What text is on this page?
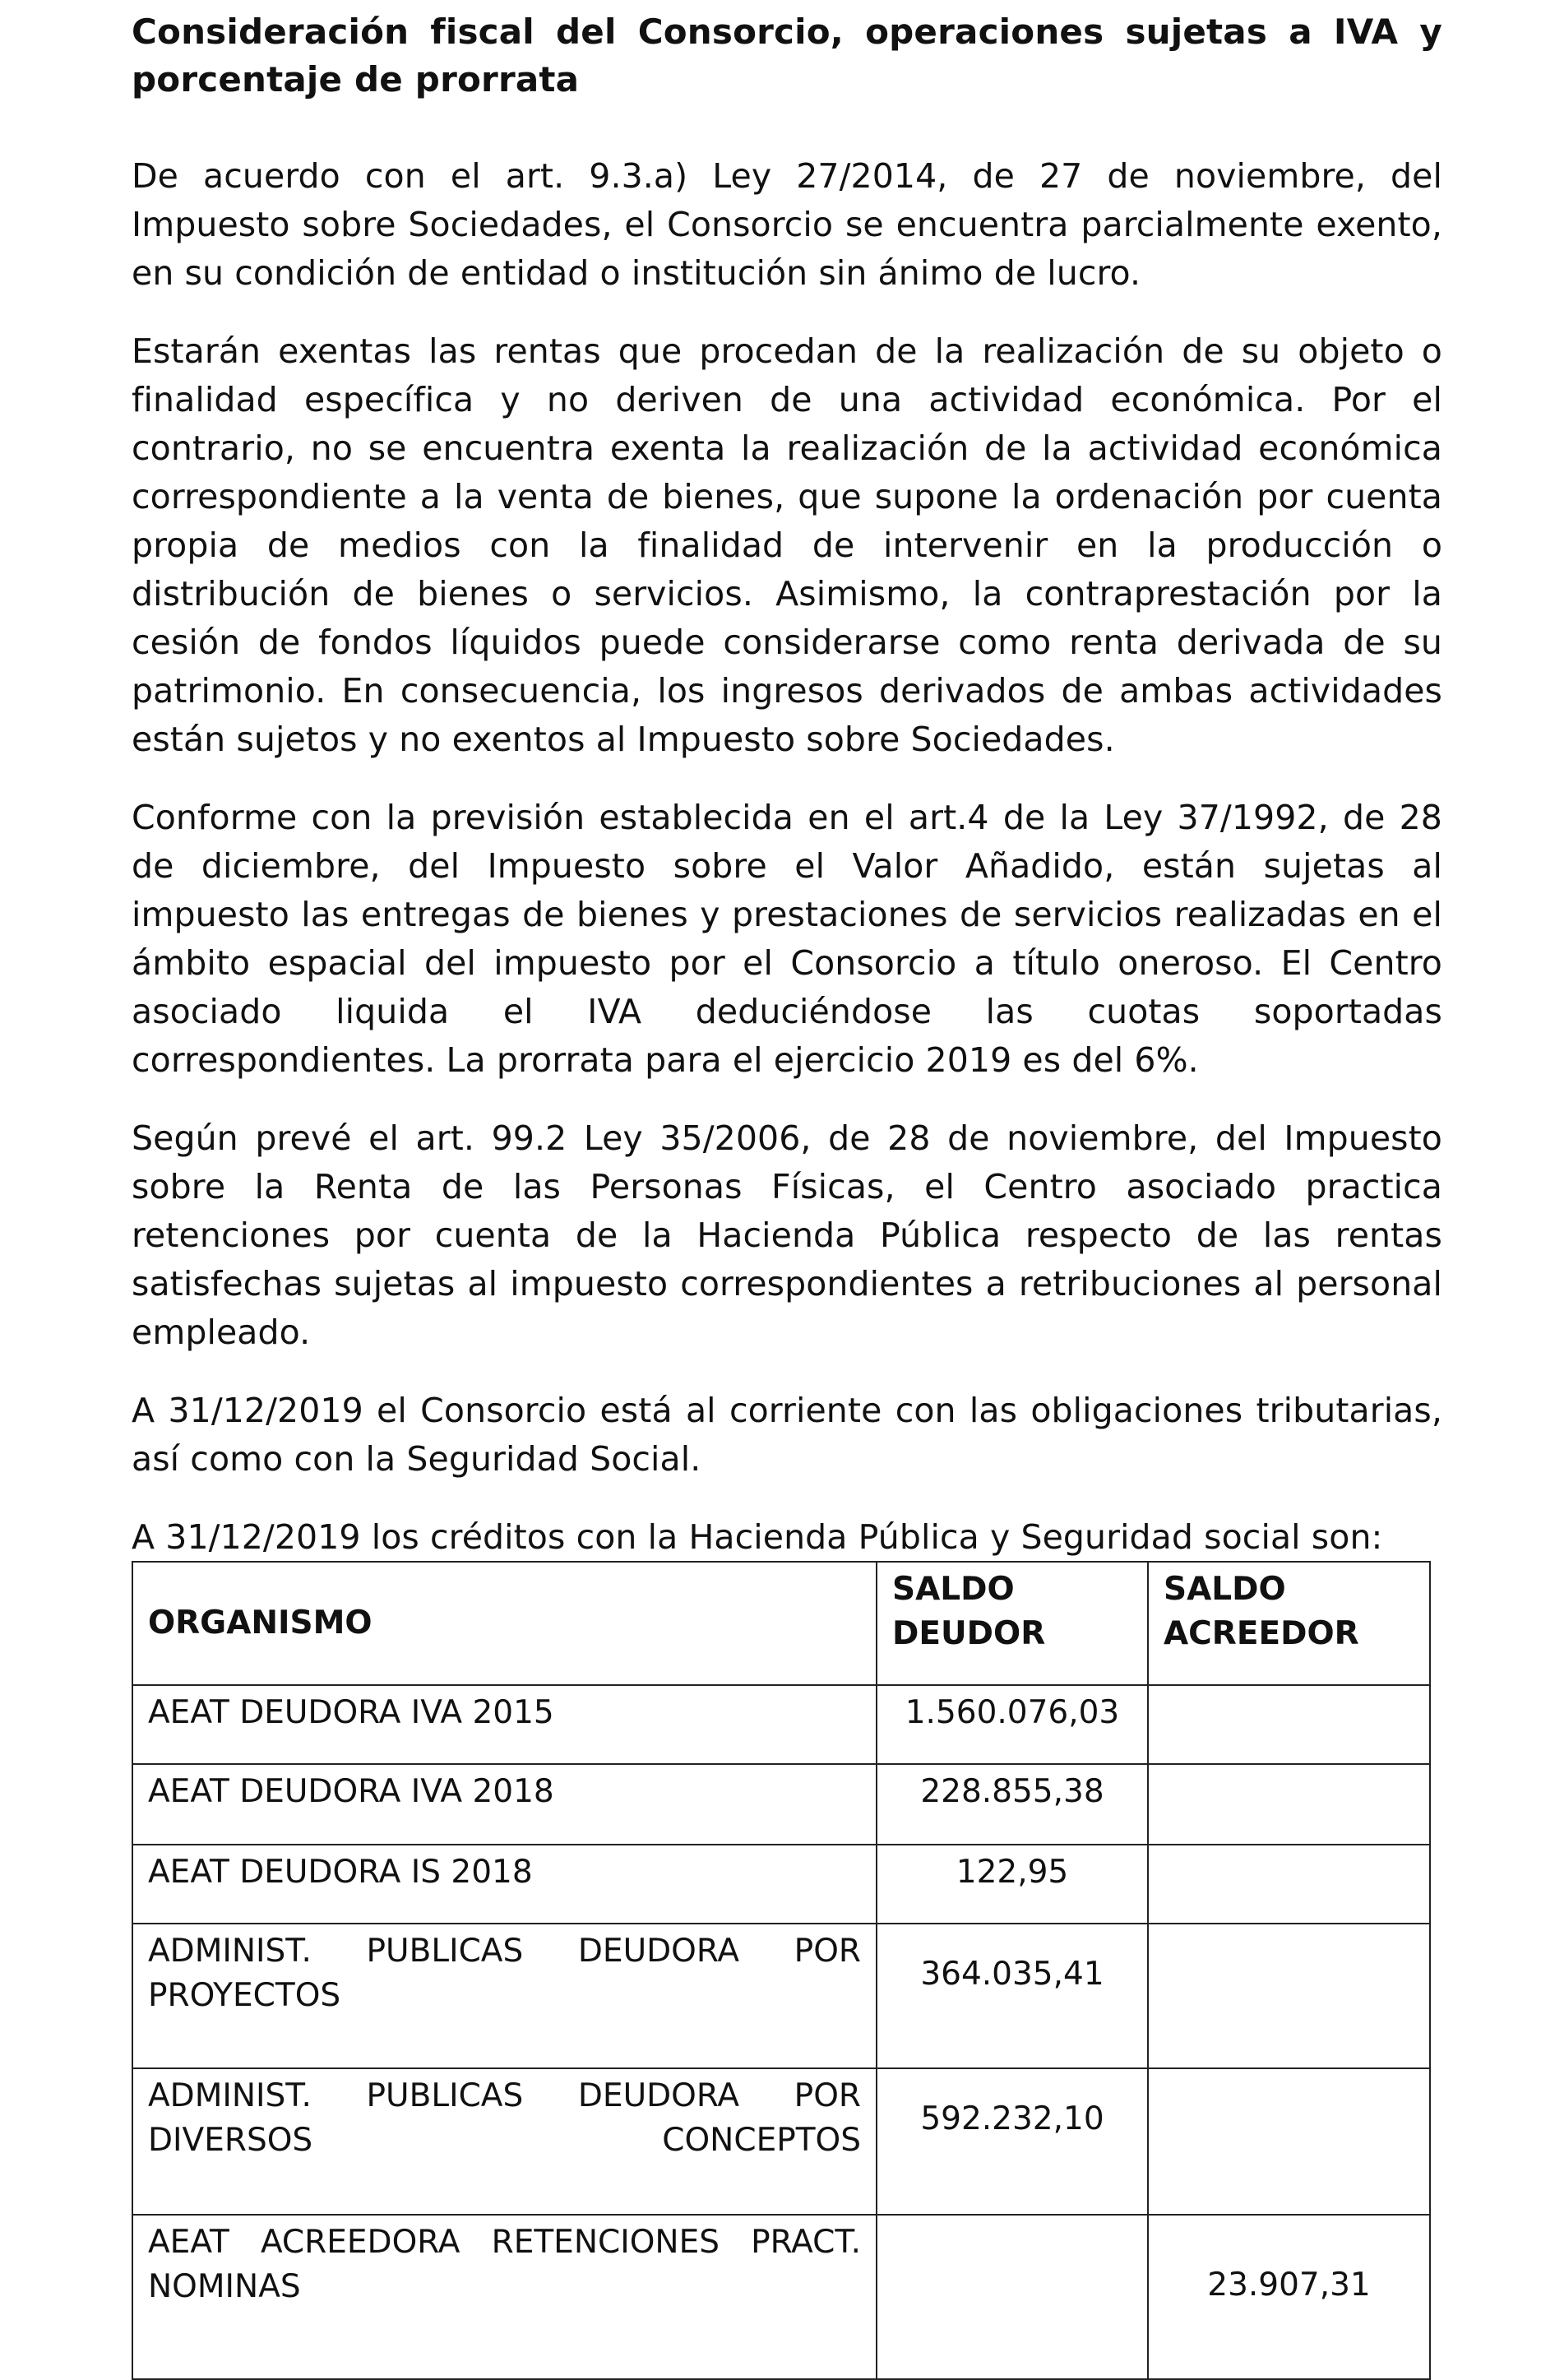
Consideración fiscal del Consorcio, operaciones sujetas a IVA y porcentaje de prorrata

De acuerdo con el art. 9.3.a) Ley 27/2014, de 27 de noviembre, del Impuesto sobre Sociedades, el Consorcio se encuentra parcialmente exento, en su condición de entidad o institución sin ánimo de lucro.

Estarán exentas las rentas que procedan de la realización de su objeto o finalidad específica y no deriven de una actividad económica. Por el contrario, no se encuentra exenta la realización de la actividad económica correspondiente a la venta de bienes, que supone la ordenación por cuenta propia de medios con la finalidad de intervenir en la producción o distribución de bienes o servicios. Asimismo, la contraprestación por la cesión de fondos líquidos puede considerarse como renta derivada de su patrimonio. En consecuencia, los ingresos derivados de ambas actividades están sujetos y no exentos al Impuesto sobre Sociedades.

Conforme con la previsión establecida en el art.4 de la Ley 37/1992, de 28 de diciembre, del Impuesto sobre el Valor Añadido, están sujetas al impuesto las entregas de bienes y prestaciones de servicios realizadas en el ámbito espacial del impuesto por el Consorcio a título oneroso. El Centro asociado liquida el IVA deduciéndose las cuotas soportadas correspondientes. La prorrata para el ejercicio 2019 es del 6%.

Según prevé el art. 99.2 Ley 35/2006, de 28 de noviembre, del Impuesto sobre la Renta de las Personas Físicas, el Centro asociado practica retenciones por cuenta de la Hacienda Pública respecto de las rentas satisfechas sujetas al impuesto correspondientes a retribuciones al personal empleado.

A 31/12/2019 el Consorcio está al corriente con las obligaciones tributarias, así como con la Seguridad Social.

A 31/12/2019 los créditos con la Hacienda Pública y Seguridad social son:

ORGANISMO	SALDO DEUDOR	SALDO ACREEDOR
AEAT DEUDORA IVA 2015	1.560.076,03	
AEAT DEUDORA IVA 2018	228.855,38	
AEAT DEUDORA IS 2018	122,95	
ADMINIST. PUBLICAS DEUDORA POR PROYECTOS	364.035,41	
ADMINIST. PUBLICAS DEUDORA POR DIVERSOS CONCEPTOS	592.232,10	
AEAT ACREEDORA RETENCIONES PRACT. NOMINAS		23.907,31
